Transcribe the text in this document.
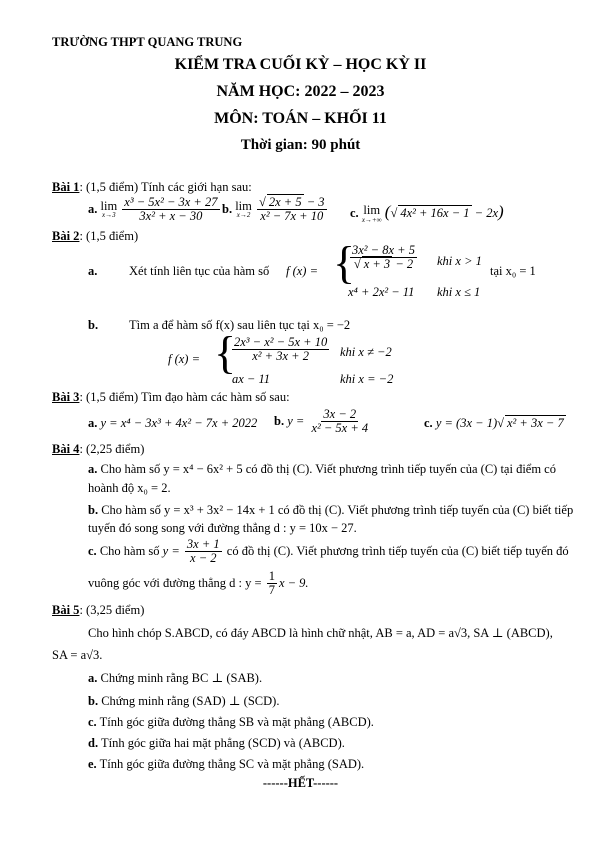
TRƯỜNG THPT QUANG TRUNG
KIỂM TRA CUỐI KỲ – HỌC KỲ II
NĂM HỌC: 2022 – 2023
MÔN: TOÁN – KHỐI 11
Thời gian: 90 phút
Bài 1: (1,5 điểm) Tính các giới hạn sau:
a. lim
x→3
$\frac{\text{x³ − 5x² − 3x + 27}}{\text{3x² + x − 30}} b$. lim
x→2
√ $\frac{2x + 5 - 3}{\text{x² − 7x + 10}} c$. lim
x→+∞ ( √ 4x² + 16x − 1 − 2x)
Bài 2: (1,5 điểm)
a.	Xét tính liên tục của hàm số f (x) = {
3x² − 8x + 5
√ x + 3 − 2 khi x > 1
x⁴ + 2x² − 11 khi x ≤ 1
tại x₀ = 1
b. Tìm a để hàm số f(x) sau liên tục tại x₀ = −2
f (x) = {
$\frac{\text{2x³ − x² − 5x + 10}}{\text{x² + 3x + 2}}$ khi x ≠ −2
ax − 11	khi x = −2
Bài 3: (1,5 điểm) Tìm đạo hàm các hàm số sau:
a. y = x⁴ − 3x³ + 4x² − 7x + 2022 b. $y = \frac{3x - 2}{\text{x² − 5x + 4}}$	c. y = (3x − 1) √ x² + 3x − 7
Bài 4: (2,25 điểm)
a. Cho hàm số y = x⁴ − 6x² + 5 có đồ thị (C). Viết phương trình tiếp tuyến của (C) tại điểm có
hoành độ x₀ = 2.
b. Cho hàm số y = x³ + 3x² − 14x + 1 có đồ thị (C). Viết phương trình tiếp tuyến của (C) biết tiếp
tuyến đó song song với đường thẳng d : y = 10x − 27.
c. Cho hàm số $y = \frac{3x + 1}{x - 2}$ có đồ thị (C). Viết phương trình tiếp tuyến của (C) biết tiếp tuyến đó
vuông góc với đường thẳng d : $y = \frac{1}{7}$ x − 9.
Bài 5: (3,25 điểm)
Cho hình chóp S.ABCD, có đáy ABCD là hình chữ nhật, AB = a, AD = a√3, SA ⊥ (ABCD),
SA = a√3.
a. Chứng minh rằng BC ⊥ (SAB).
b. Chứng minh rằng (SAD) ⊥ (SCD).
c. Tính góc giữa đường thẳng SB và mặt phẳng (ABCD).
d. Tính góc giữa hai mặt phẳng (SCD) và (ABCD).
e. Tính góc giữa đường thẳng SC và mặt phẳng (SAD).
------HẾT------
